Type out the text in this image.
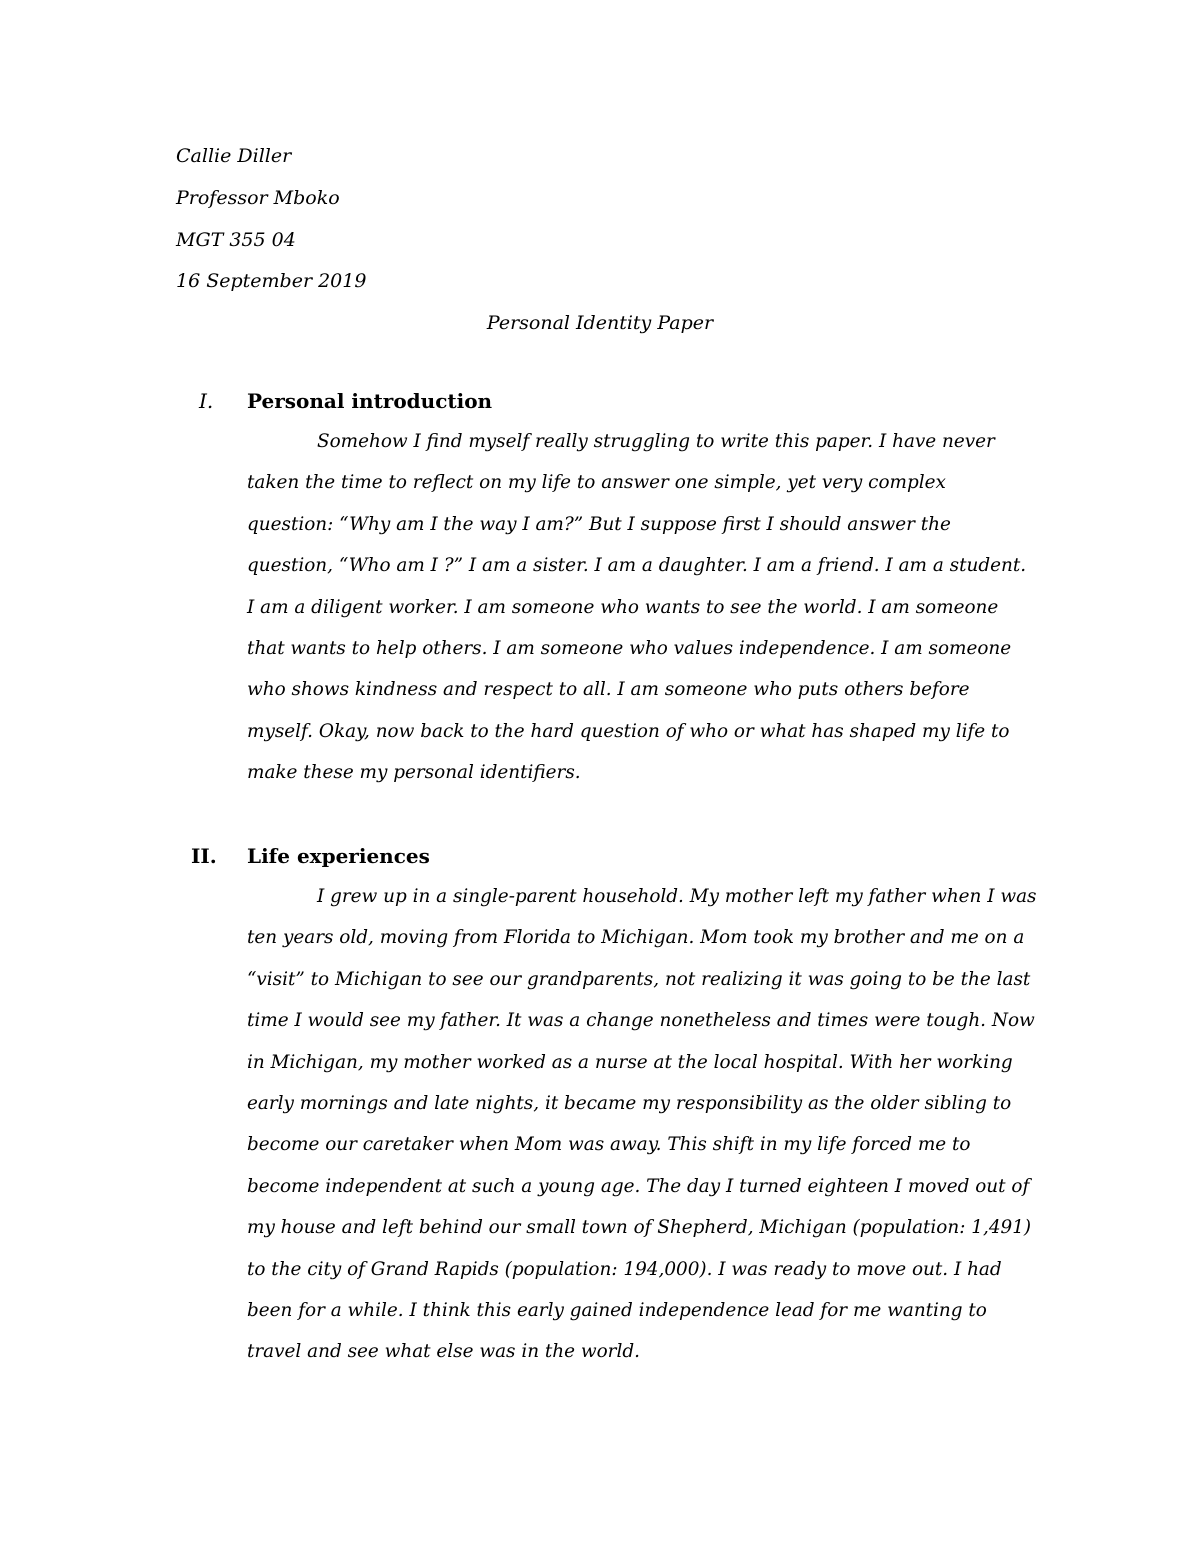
Callie Diller
Professor Mboko
MGT 355 04
16 September 2019
Personal Identity Paper
I. Personal introduction

Somehow I find myself really struggling to write this paper. I have never taken the time to reflect on my life to answer one simple, yet very complex question: “Why am I the way I am?” But I suppose first I should answer the question, “Who am I ?” I am a sister. I am a daughter. I am a friend. I am a student. I am a diligent worker. I am someone who wants to see the world. I am someone that wants to help others. I am someone who values independence. I am someone who shows kindness and respect to all. I am someone who puts others before myself. Okay, now back to the hard question of who or what has shaped my life to make these my personal identifiers.

II. Life experiences

I grew up in a single-parent household. My mother left my father when I was ten years old, moving from Florida to Michigan. Mom took my brother and me on a “visit” to Michigan to see our grandparents, not realizing it was going to be the last time I would see my father. It was a change nonetheless and times were tough. Now in Michigan, my mother worked as a nurse at the local hospital. With her working early mornings and late nights, it became my responsibility as the older sibling to become our caretaker when Mom was away. This shift in my life forced me to become independent at such a young age. The day I turned eighteen I moved out of my house and left behind our small town of Shepherd, Michigan (population: 1,491) to the city of Grand Rapids (population: 194,000). I was ready to move out. I had been for a while. I think this early gained independence lead for me wanting to travel and see what else was in the world.
